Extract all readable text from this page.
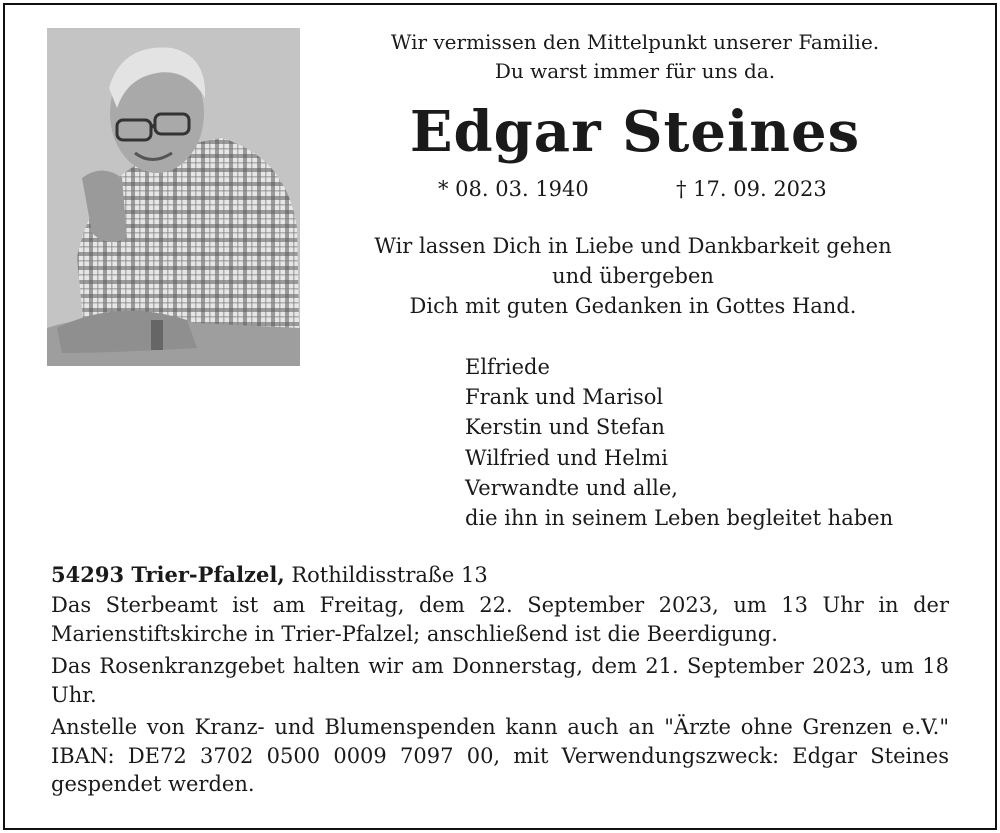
Wir vermissen den Mittelpunkt unserer Familie.
Du warst immer für uns da.
Edgar Steines
* 08. 03. 1940	† 17. 09. 2023
Wir lassen Dich in Liebe und Dankbarkeit gehen
und übergeben
Dich mit guten Gedanken in Gottes Hand.
Elfriede
Frank und Marisol
Kerstin und Stefan
Wilfried und Helmi
Verwandte und alle,
die ihn in seinem Leben begleitet haben
54293 Trier-Pfalzel, Rothildisstraße 13
Das Sterbeamt ist am Freitag, dem 22. September 2023, um 13 Uhr in der Marienstiftskirche in Trier-Pfalzel; anschließend ist die Beerdigung.
Das Rosenkranzgebet halten wir am Donnerstag, dem 21. September 2023, um 18 Uhr.
Anstelle von Kranz- und Blumenspenden kann auch an "Ärzte ohne Grenzen e.V." IBAN: DE72 3702 0500 0009 7097 00, mit Verwendungszweck: Edgar Steines gespendet werden.
